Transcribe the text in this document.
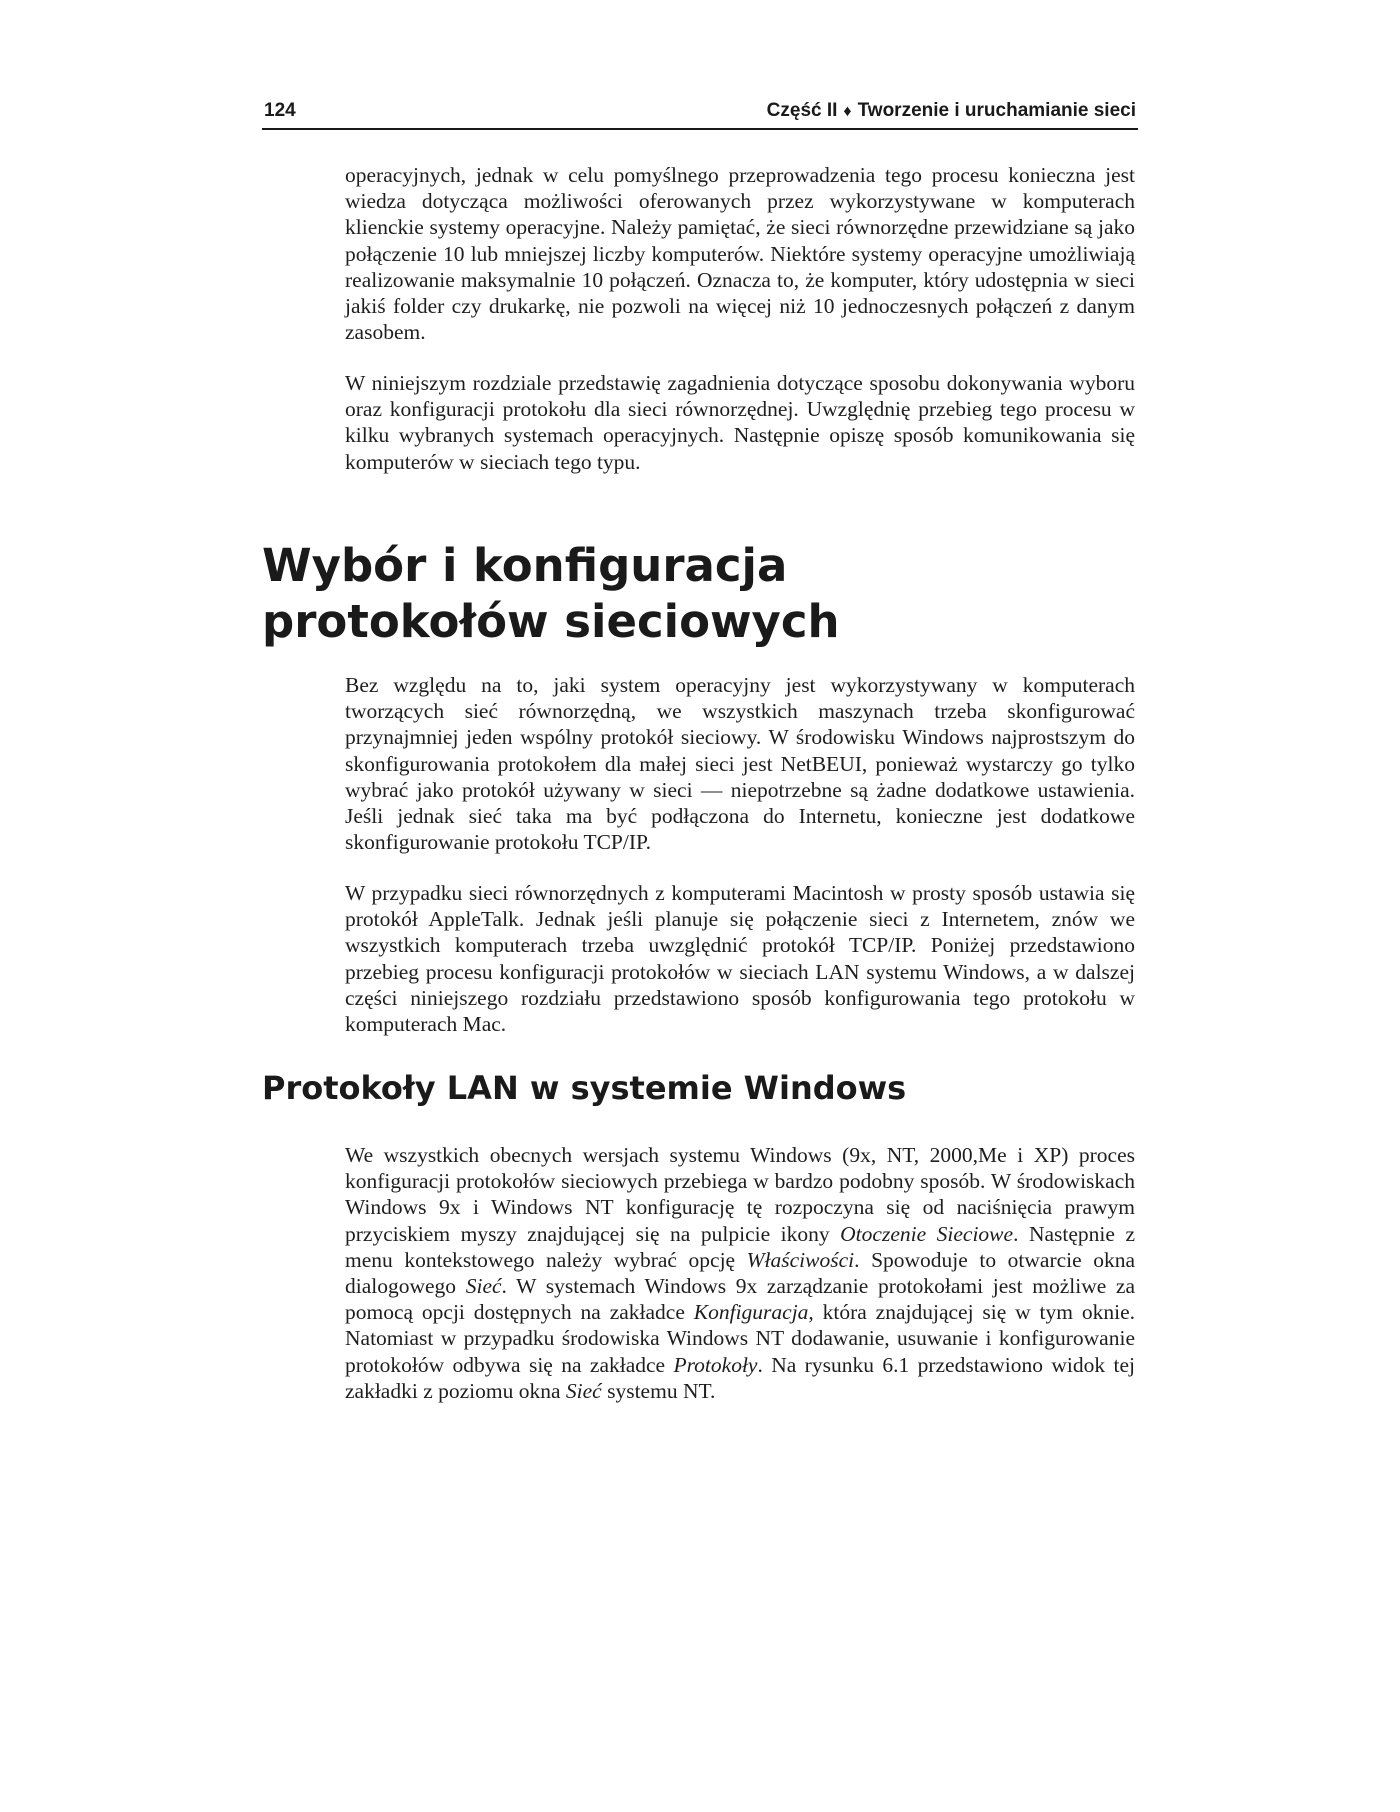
124	Część II ♦ Tworzenie i uruchamianie sieci

operacyjnych, jednak w celu pomyślnego przeprowadzenia tego procesu konieczna jest wiedza dotycząca możliwości oferowanych przez wykorzystywane w komputerach klienckie systemy operacyjne. Należy pamiętać, że sieci równorzędne przewidziane są jako połączenie 10 lub mniejszej liczby komputerów. Niektóre systemy operacyjne umożliwiają realizowanie maksymalnie 10 połączeń. Oznacza to, że komputer, który udostępnia w sieci jakiś folder czy drukarkę, nie pozwoli na więcej niż 10 jednoczesnych połączeń z danym zasobem.

W niniejszym rozdziale przedstawię zagadnienia dotyczące sposobu dokonywania wyboru oraz konfiguracji protokołu dla sieci równorzędnej. Uwzględnię przebieg tego procesu w kilku wybranych systemach operacyjnych. Następnie opiszę sposób komunikowania się komputerów w sieciach tego typu.

Wybór i konfiguracja
protokołów sieciowych

Bez względu na to, jaki system operacyjny jest wykorzystywany w komputerach tworzących sieć równorzędną, we wszystkich maszynach trzeba skonfigurować przynajmniej jeden wspólny protokół sieciowy. W środowisku Windows najprostszym do skonfigurowania protokołem dla małej sieci jest NetBEUI, ponieważ wystarczy go tylko wybrać jako protokół używany w sieci — niepotrzebne są żadne dodatkowe ustawienia. Jeśli jednak sieć taka ma być podłączona do Internetu, konieczne jest dodatkowe skonfigurowanie protokołu TCP/IP.

W przypadku sieci równorzędnych z komputerami Macintosh w prosty sposób ustawia się protokół AppleTalk. Jednak jeśli planuje się połączenie sieci z Internetem, znów we wszystkich komputerach trzeba uwzględnić protokół TCP/IP. Poniżej przedstawiono przebieg procesu konfiguracji protokołów w sieciach LAN systemu Windows, a w dalszej części niniejszego rozdziału przedstawiono sposób konfigurowania tego protokołu w komputerach Mac.

Protokoły LAN w systemie Windows

We wszystkich obecnych wersjach systemu Windows (9x, NT, 2000,Me i XP) proces konfiguracji protokołów sieciowych przebiega w bardzo podobny sposób. W środowiskach Windows 9x i Windows NT konfigurację tę rozpoczyna się od naciśnięcia prawym przyciskiem myszy znajdującej się na pulpicie ikony Otoczenie Sieciowe. Następnie z menu kontekstowego należy wybrać opcję Właściwości. Spowoduje to otwarcie okna dialogowego Sieć. W systemach Windows 9x zarządzanie protokołami jest możliwe za pomocą opcji dostępnych na zakładce Konfiguracja, która znajdującej się w tym oknie. Natomiast w przypadku środowiska Windows NT dodawanie, usuwanie i konfigurowanie protokołów odbywa się na zakładce Protokoły. Na rysunku 6.1 przedstawiono widok tej zakładki z poziomu okna Sieć systemu NT.
